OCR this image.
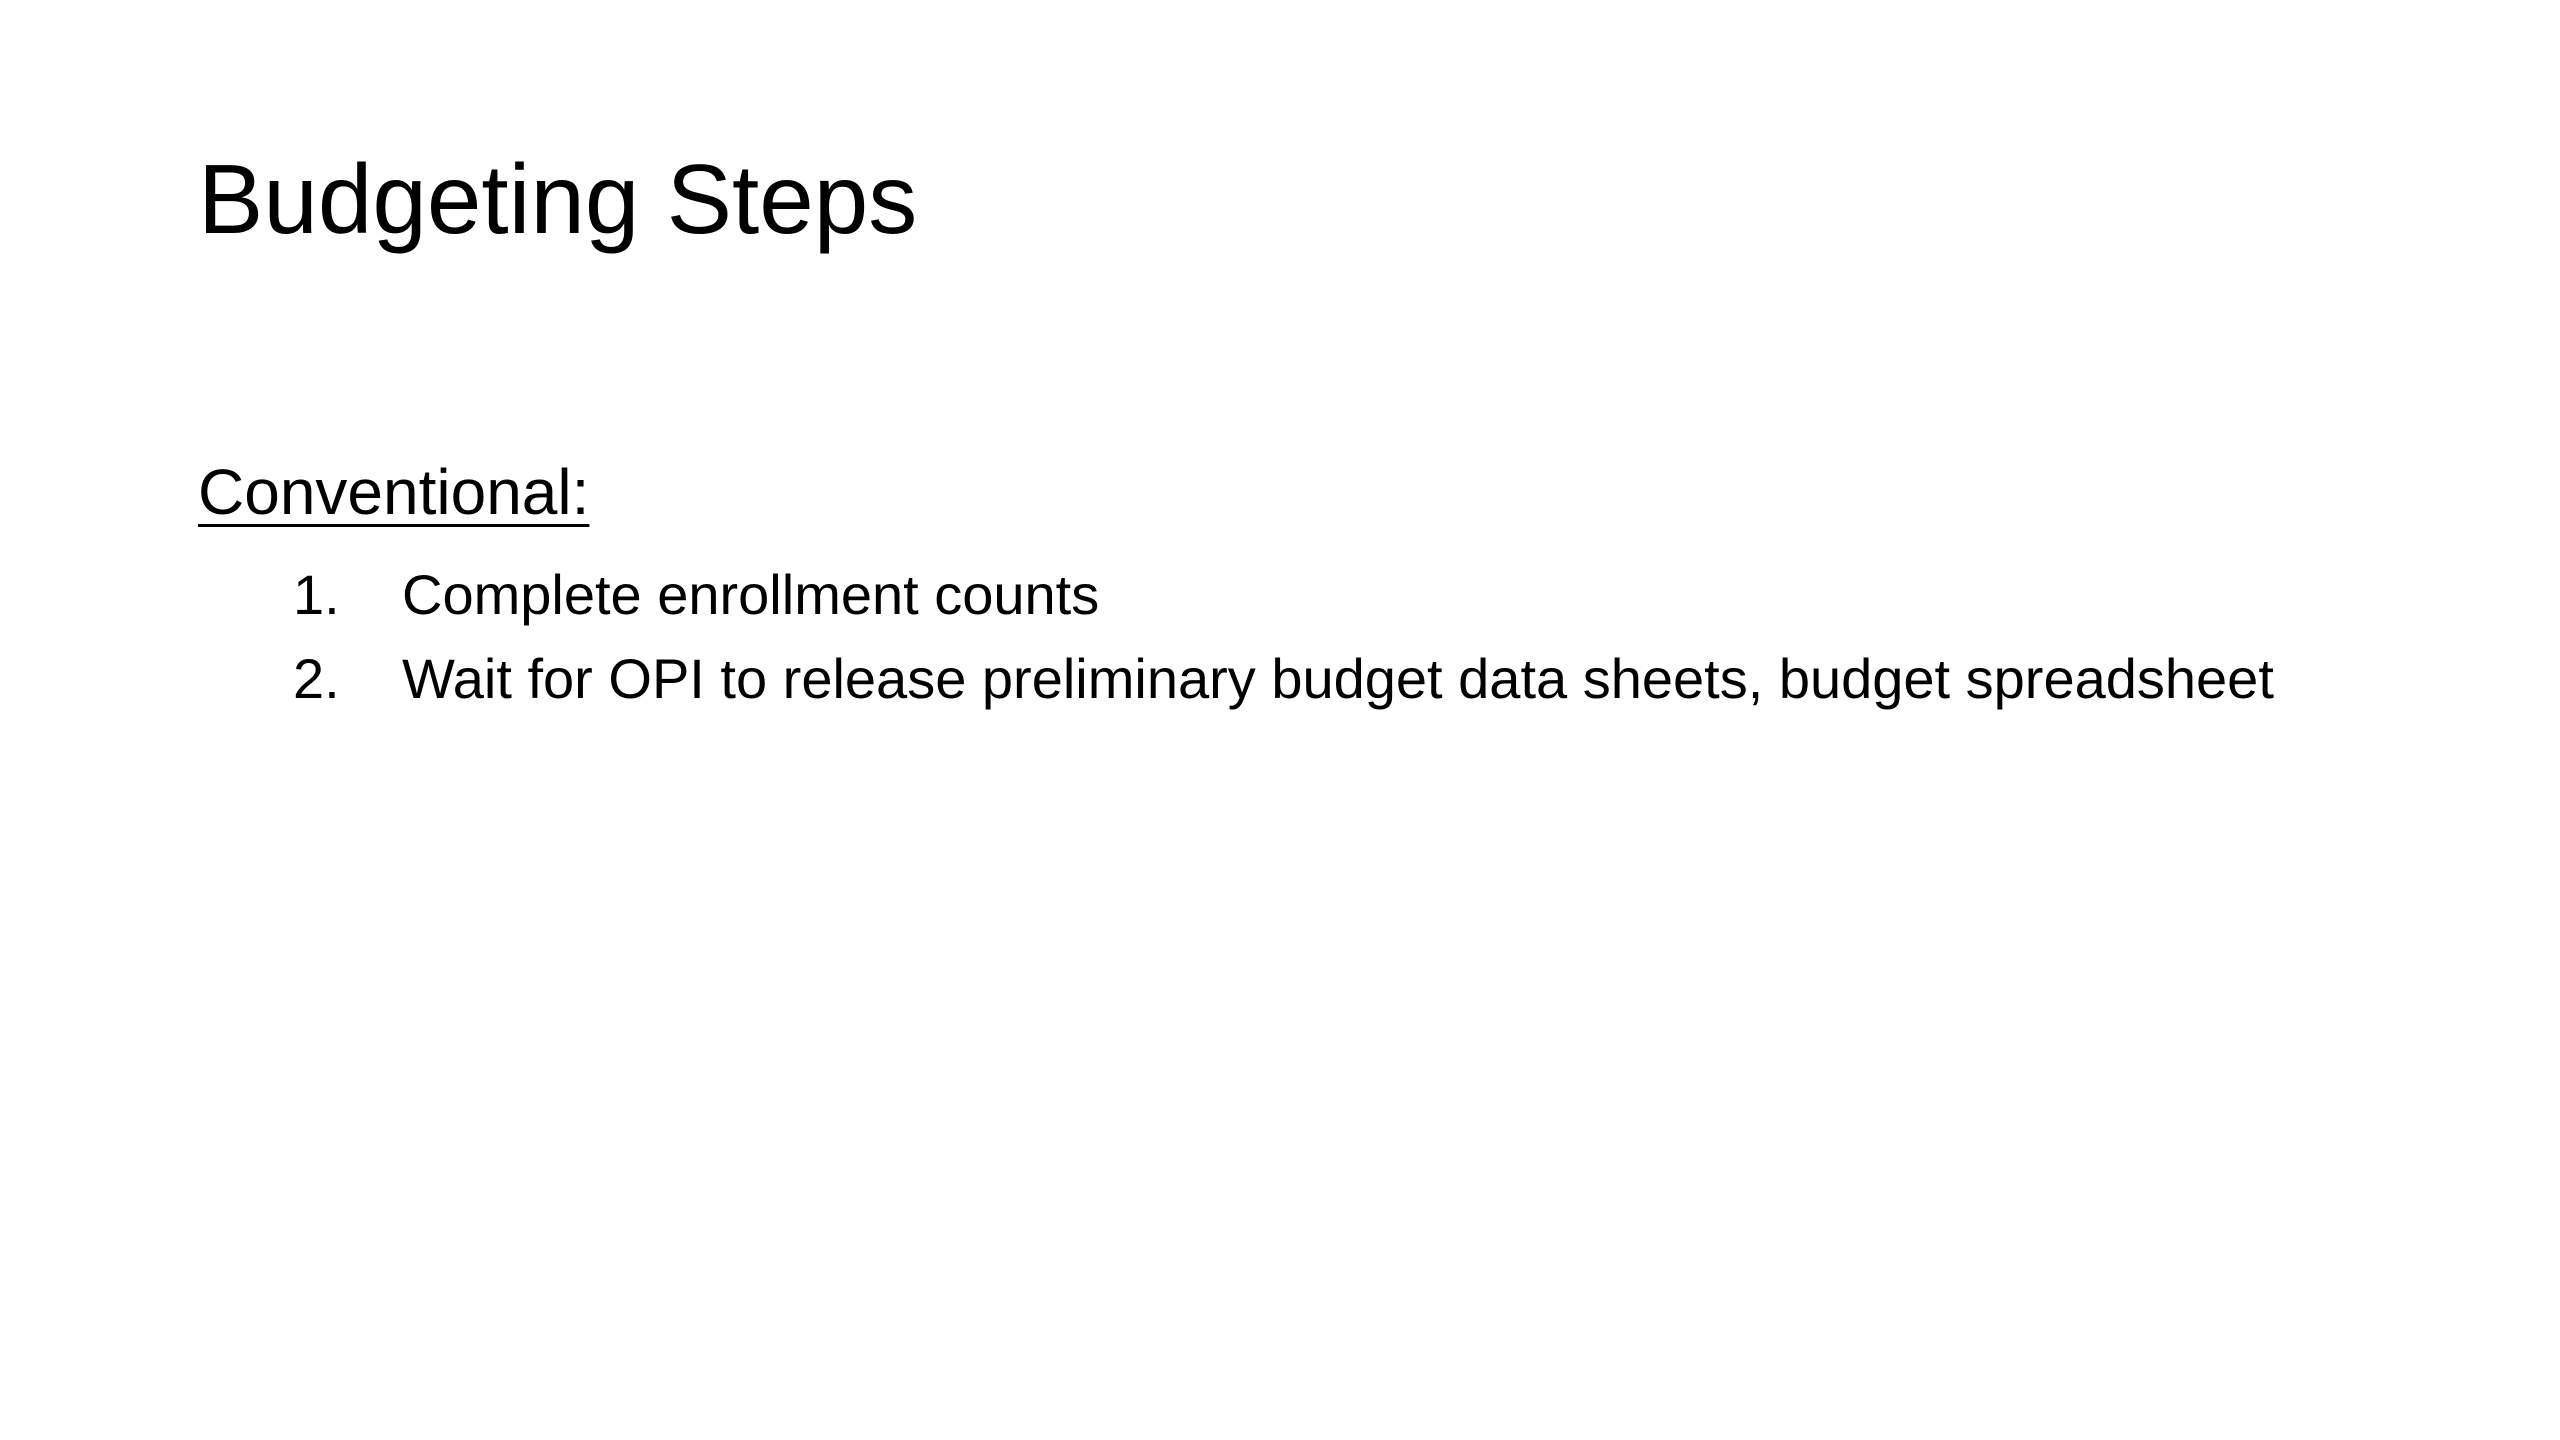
Budgeting Steps
Conventional:
1.	Complete enrollment counts
2.	Wait for OPI to release preliminary budget data sheets, budget spreadsheet
